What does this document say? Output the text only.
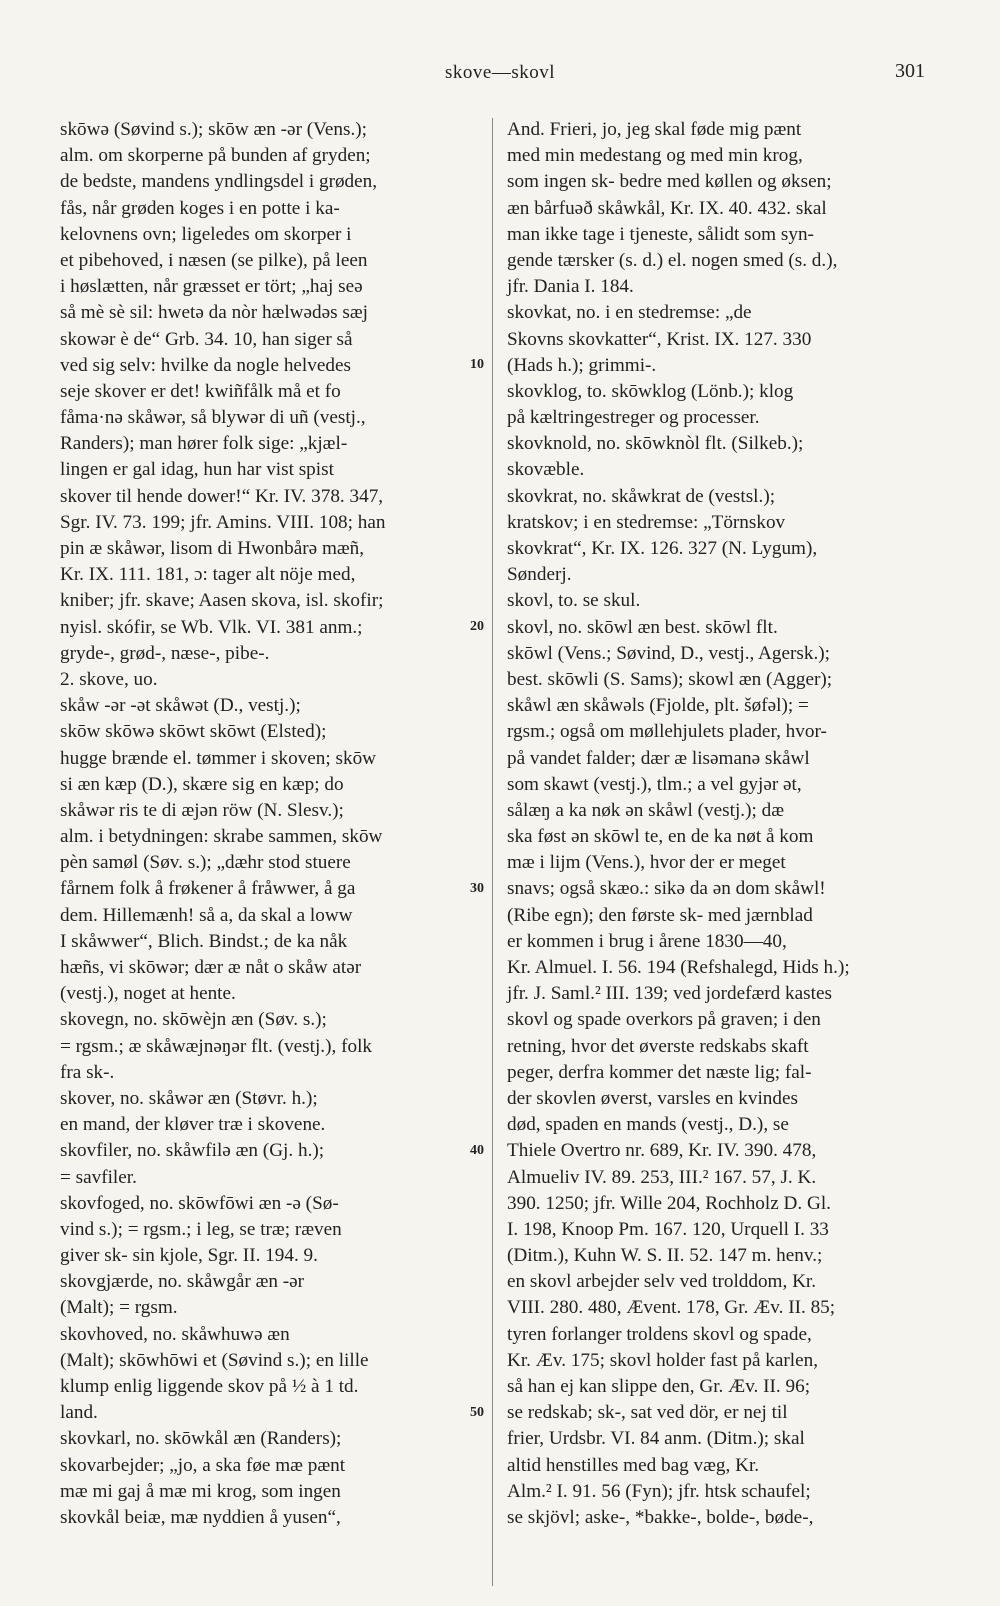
skove—skovl	301
skōwə (Søvind s.); skōw æn -ər (Vens.);
alm. om skorperne på bunden af gryden;
de bedste, mandens yndlingsdel i grøden,
fås, når grøden koges i en potte i ka-
kelovnens ovn; ligeledes om skorper i
et pibehoved, i næsen (se pilke), på leen
i høslætten, når græsset er tört; „haj seə
så mè sè sil: hwetə da nòr hælwədəs sæj
skowər è de“ Grb. 34. 10, han siger så
ved sig selv: hvilke da nogle helvedes
seje skover er det! kwiñfålk må et fo
fåma·nə skåwər, så blywər di uñ (vestj.,
Randers); man hører folk sige: „kjæl-
lingen er gal idag, hun har vist spist
skover til hende dower!“ Kr. IV. 378. 347,
Sgr. IV. 73. 199; jfr. Amins. VIII. 108; han
pin æ skåwər, lisom di Hwonbårə mæñ,
Kr. IX. 111. 181, ɔ: tager alt nöje med,
kniber; jfr. skave; Aasen skova, isl. skofir;
nyisl. skófir, se Wb. Vlk. VI. 381 anm.;
gryde-, grød-, næse-, pibe-.
2. skove, uo.
skåw -ər -ət skåwət (D., vestj.);
skōw skōwə skōwt skōwt (Elsted);
hugge brænde el. tømmer i skoven; skōw
si æn kæp (D.), skære sig en kæp; do
skåwər ris te di æjən röw (N. Slesv.);
alm. i betydningen: skrabe sammen, skōw
pèn samøl (Søv. s.); „dæhr stod stuere
fårnem folk å frøkener å fråwwer, å ga
dem. Hillemænh! så a, da skal a loww
I skåwwer“, Blich. Bindst.; de ka nåk
hæñs, vi skōwər; dær æ nåt o skåw atər
(vestj.), noget at hente.
skovegn, no. skōwèjn æn (Søv. s.);
= rgsm.; æ skåwæjnəŋər flt. (vestj.), folk
fra sk-.
skover, no. skåwər æn (Støvr. h.);
en mand, der kløver træ i skovene.
skovfiler, no. skåwfilə æn (Gj. h.);
= savfiler.
skovfoged, no. skōwfōwi æn -ə (Sø-
vind s.); = rgsm.; i leg, se træ; ræven
giver sk- sin kjole, Sgr. II. 194. 9.
skovgjærde, no. skåwgår æn -ər
(Malt); = rgsm.
skovhoved, no. skåwhuwə æn
(Malt); skōwhōwi et (Søvind s.); en lille
klump enlig liggende skov på ½ à 1 td.
land.
skovkarl, no. skōwkål æn (Randers);
skovarbejder; „jo, a ska føe mæ pænt
mæ mi gaj å mæ mi krog, som ingen
skovkål beiæ, mæ nyddien å yusen“,
And. Frieri, jo, jeg skal føde mig pænt
med min medestang og med min krog,
som ingen sk- bedre med køllen og øksen;
æn bårfuəð skåwkål, Kr. IX. 40. 432. skal
man ikke tage i tjeneste, sålidt som syn-
gende tærsker (s. d.) el. nogen smed (s. d.),
jfr. Dania I. 184.
skovkat, no. i en stedremse: „de
Skovns skovkatter“, Krist. IX. 127. 330
(Hads h.); grimmi-.
skovklog, to. skōwklog (Lönb.); klog
på kæltringestreger og processer.
skovknold, no. skōwknòl flt. (Silkeb.);
skovæble.
skovkrat, no. skåwkrat de (vestsl.);
kratskov; i en stedremse: „Törnskov
skovkrat“, Kr. IX. 126. 327 (N. Lygum),
Sønderj.
skovl, to. se skul.
skovl, no. skōwl æn best. skōwl flt.
skōwl (Vens.; Søvind, D., vestj., Agersk.);
best. skōwli (S. Sams); skowl æn (Agger);
skåwl æn skåwəls (Fjolde, plt. šøfəl); =
rgsm.; også om møllehjulets plader, hvor-
på vandet falder; dær æ lisəmanə skåwl
som skawt (vestj.), tlm.; a vel gyjər ət,
sålæŋ a ka nøk ən skåwl (vestj.); dæ
ska føst ən skōwl te, en de ka nøt å kom
mæ i lijm (Vens.), hvor der er meget
snavs; også skæo.: sikə da ən dom skåwl!
(Ribe egn); den første sk- med jærnblad
er kommen i brug i årene 1830—40,
Kr. Almuel. I. 56. 194 (Refshalegd, Hids h.);
jfr. J. Saml.² III. 139; ved jordefærd kastes
skovl og spade overkors på graven; i den
retning, hvor det øverste redskabs skaft
peger, derfra kommer det næste lig; fal-
der skovlen øverst, varsles en kvindes
død, spaden en mands (vestj., D.), se
Thiele Overtro nr. 689, Kr. IV. 390. 478,
Almueliv IV. 89. 253, III.² 167. 57, J. K.
390. 1250; jfr. Wille 204, Rochholz D. Gl.
I. 198, Knoop Pm. 167. 120, Urquell I. 33
(Ditm.), Kuhn W. S. II. 52. 147 m. henv.;
en skovl arbejder selv ved trolddom, Kr.
VIII. 280. 480, Ævent. 178, Gr. Æv. II. 85;
tyren forlanger troldens skovl og spade,
Kr. Æv. 175; skovl holder fast på karlen,
så han ej kan slippe den, Gr. Æv. II. 96;
se redskab; sk-, sat ved dör, er nej til
frier, Urdsbr. VI. 84 anm. (Ditm.); skal
altid henstilles med bag væg, Kr.
Alm.² I. 91. 56 (Fyn); jfr. htsk schaufel;
se skjövl; aske-, *bakke-, bolde-, bøde-,
10
20
30
40
50
